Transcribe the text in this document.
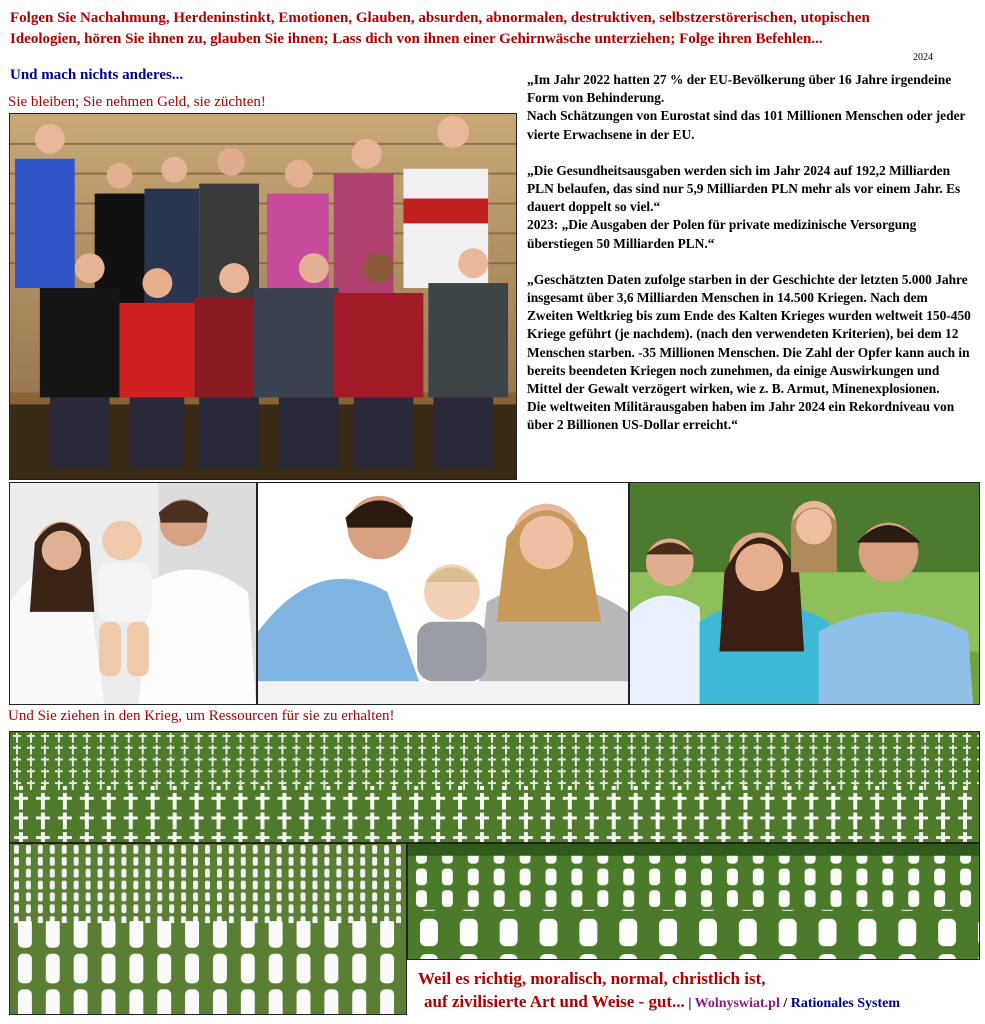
Folgen Sie Nachahmung, Herdeninstinkt, Emotionen, Glauben, absurden, abnormalen, destruktiven, selbstzerstörerischen, utopischen Ideologien, hören Sie ihnen zu, glauben Sie ihnen; Lass dich von ihnen einer Gehirnwäsche unterziehen; Folge ihren Befehlen...
2024
Und mach nichts anderes...
Sie bleiben; Sie nehmen Geld, sie züchten!

„Im Jahr 2022 hatten 27 % der EU-Bevölkerung über 16 Jahre irgendeine Form von Behinderung.

Nach Schätzungen von Eurostat sind das 101 Millionen Menschen oder jeder vierte Erwachsene in der EU.

„Die Gesundheitsausgaben werden sich im Jahr 2024 auf 192,2 Milliarden PLN belaufen, das sind nur 5,9 Milliarden PLN mehr als vor einem Jahr. Es dauert doppelt so viel.“

2023: „Die Ausgaben der Polen für private medizinische Versorgung überstiegen 50 Milliarden PLN.“

„Geschätzten Daten zufolge starben in der Geschichte der letzten 5.000 Jahre insgesamt über 3,6 Milliarden Menschen in 14.500 Kriegen. Nach dem Zweiten Weltkrieg bis zum Ende des Kalten Krieges wurden weltweit 150-450 Kriege geführt (je nachdem). (nach den verwendeten Kriterien), bei dem 12 Menschen starben. -35 Millionen Menschen. Die Zahl der Opfer kann auch in bereits beendeten Kriegen noch zunehmen, da einige Auswirkungen und Mittel der Gewalt verzögert wirken, wie z. B. Armut, Minenexplosionen.

Die weltweiten Militärausgaben haben im Jahr 2024 ein Rekordniveau von über 2 Billionen US-Dollar erreicht.“

Und Sie ziehen in den Krieg, um Ressourcen für sie zu erhalten!
Weil es richtig, moralisch, normal, christlich ist,
auf zivilisierte Art und Weise - gut... | Wolnyswiat.pl / Rationales System
